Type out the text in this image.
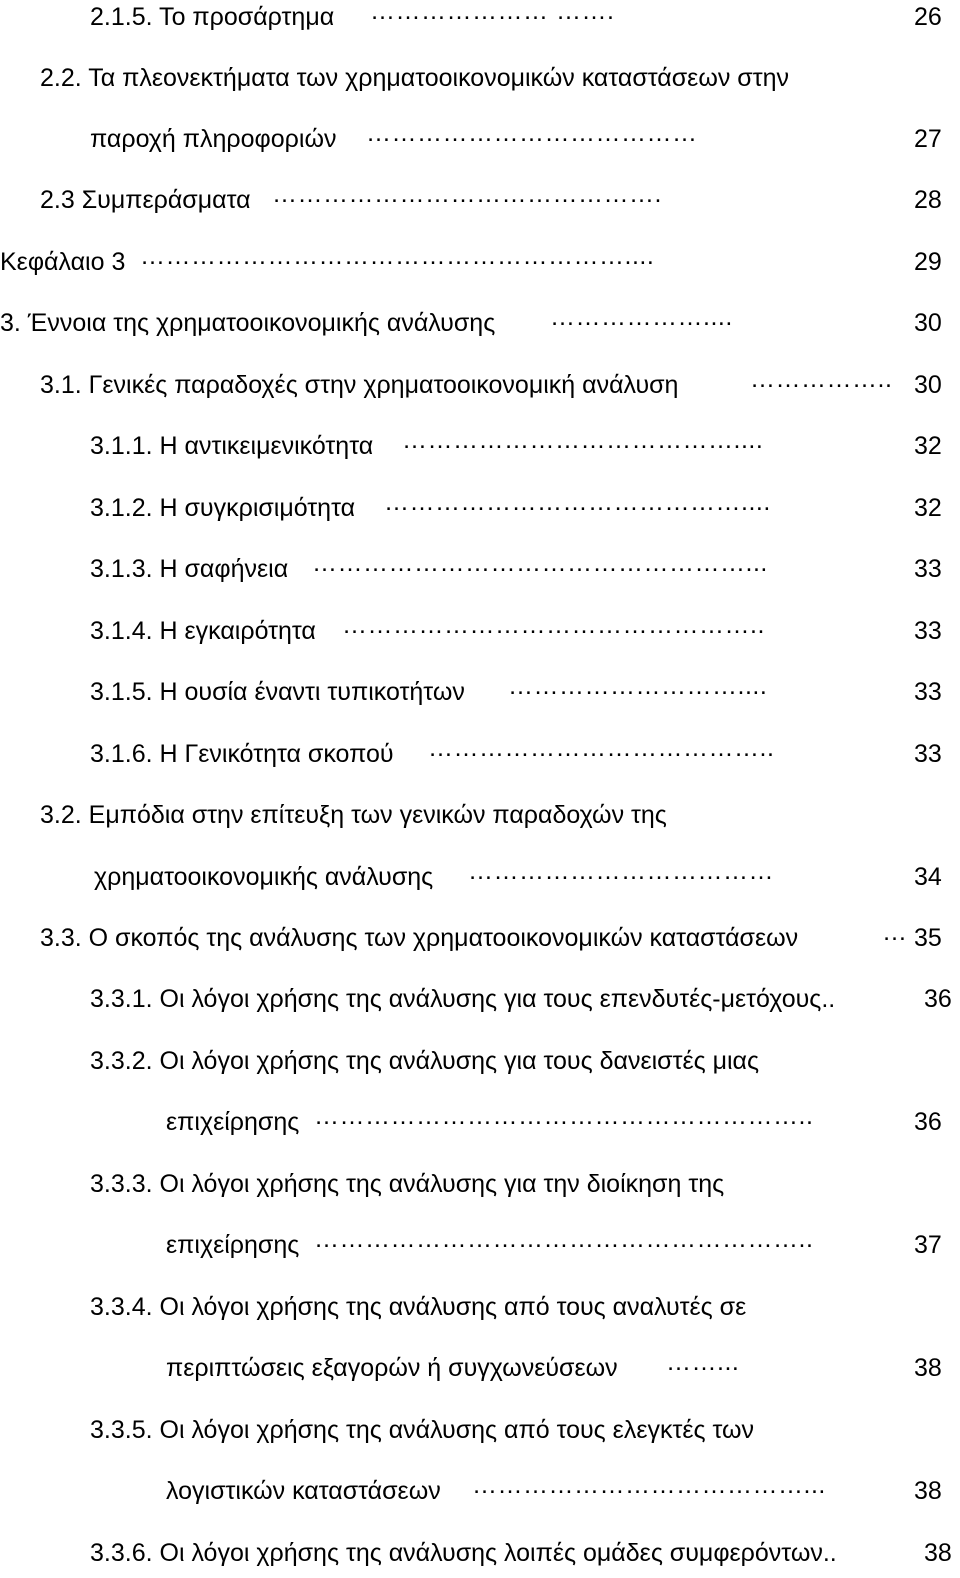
2.1.5. Το προσάρτημα ………………… …….	26
2.2. Τα πλεονεκτήματα των χρηματοοικονομικών καταστάσεων στην
παροχή πληροφοριών …………………………………	27
2.3 Συμπεράσματα ……………………………………….	28
Κεφάλαιο 3 …………………………………………………....	29
3. Έννοια της χρηματοοικονομικής ανάλυσης ………………....	30
3.1. Γενικές παραδοχές στην χρηματοοικονομική ανάλυση	…………….. 30
3.1.1. Η αντικειμενικότητα …………………………………....	32
3.1.2. Η συγκρισιμότητα ……………………………………....	32
3.1.3. Η σαφήνεια ……………………………………………...	33
3.1.4. Η εγκαιρότητα …………………………………………..	33
3.1.5. Η ουσία έναντι τυπικοτήτων ………………………....	33
3.1.6. Η Γενικότητα σκοπού …………………………………..	33
3.2. Εμπόδια στην επίτευξη των γενικών παραδοχών της
χρηματοοικονομικής ανάλυσης ………………………………	34
3.3. Ο σκοπός της ανάλυσης των χρηματοοικονομικών καταστάσεων	… 35
3.3.1. Οι λόγοι χρήσης της ανάλυσης για τους επενδυτές-μετόχους..	36
3.3.2. Οι λόγοι χρήσης της ανάλυσης για τους δανειστές μιας
επιχείρησης …………………………………………………..	36
3.3.3. Οι λόγοι χρήσης της ανάλυσης για την διοίκηση της
επιχείρησης …………………………………………………..	37
3.3.4. Οι λόγοι χρήσης της ανάλυσης από τους αναλυτές σε
περιπτώσεις εξαγορών ή συγχωνεύσεων ……...	38
3.3.5. Οι λόγοι χρήσης της ανάλυσης από τους ελεγκτές των
λογιστικών καταστάσεων …………………………………...	38
3.3.6. Οι λόγοι χρήσης της ανάλυσης λοιπές ομάδες συμφερόντων..	38
